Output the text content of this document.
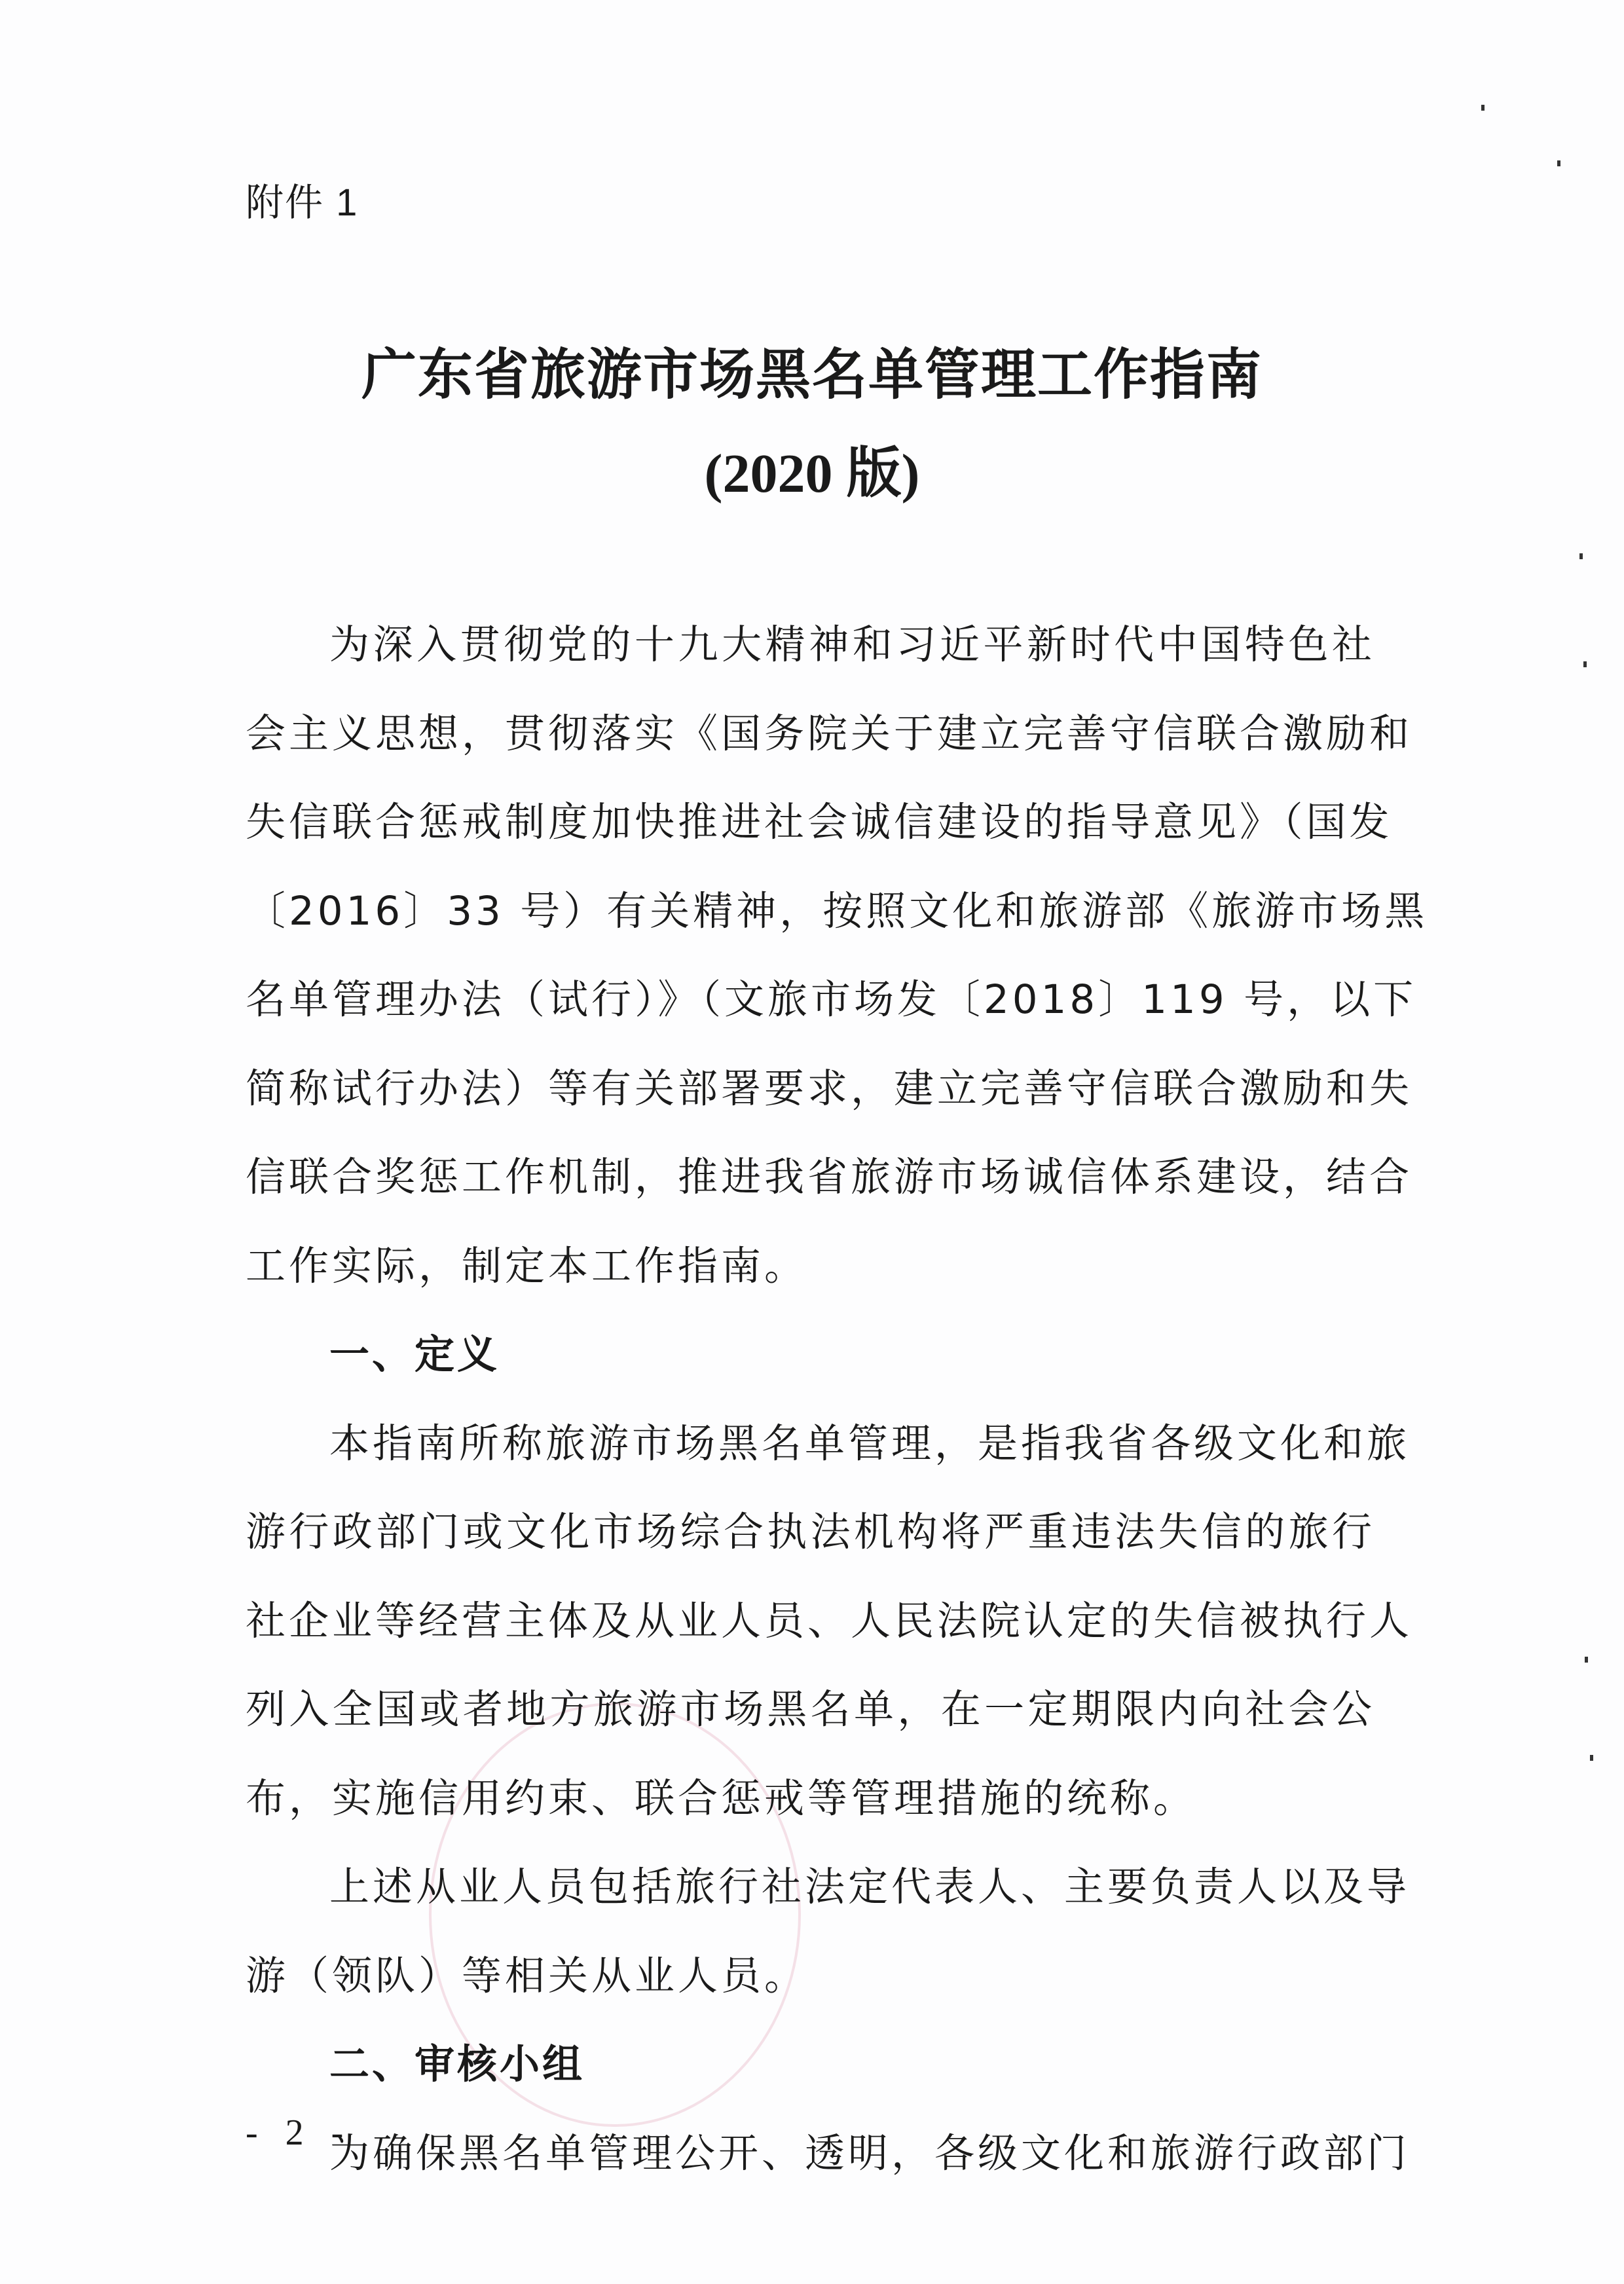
附件 1
广东省旅游市场黑名单管理工作指南
(2020 版)
为深入贯彻党的十九大精神和习近平新时代中国特色社
会主义思想，贯彻落实《国务院关于建立完善守信联合激励和
失信联合惩戒制度加快推进社会诚信建设的指导意见》（国发
〔2016〕33 号）有关精神，按照文化和旅游部《旅游市场黑
名单管理办法（试行）》（文旅市场发〔2018〕119 号，以下
简称试行办法）等有关部署要求，建立完善守信联合激励和失
信联合奖惩工作机制，推进我省旅游市场诚信体系建设，结合
工作实际，制定本工作指南。
一、定义
本指南所称旅游市场黑名单管理，是指我省各级文化和旅
游行政部门或文化市场综合执法机构将严重违法失信的旅行
社企业等经营主体及从业人员、人民法院认定的失信被执行人
列入全国或者地方旅游市场黑名单，在一定期限内向社会公
布，实施信用约束、联合惩戒等管理措施的统称。
上述从业人员包括旅行社法定代表人、主要负责人以及导
游（领队）等相关从业人员。
二、审核小组
为确保黑名单管理公开、透明，各级文化和旅游行政部门
- 2 -
